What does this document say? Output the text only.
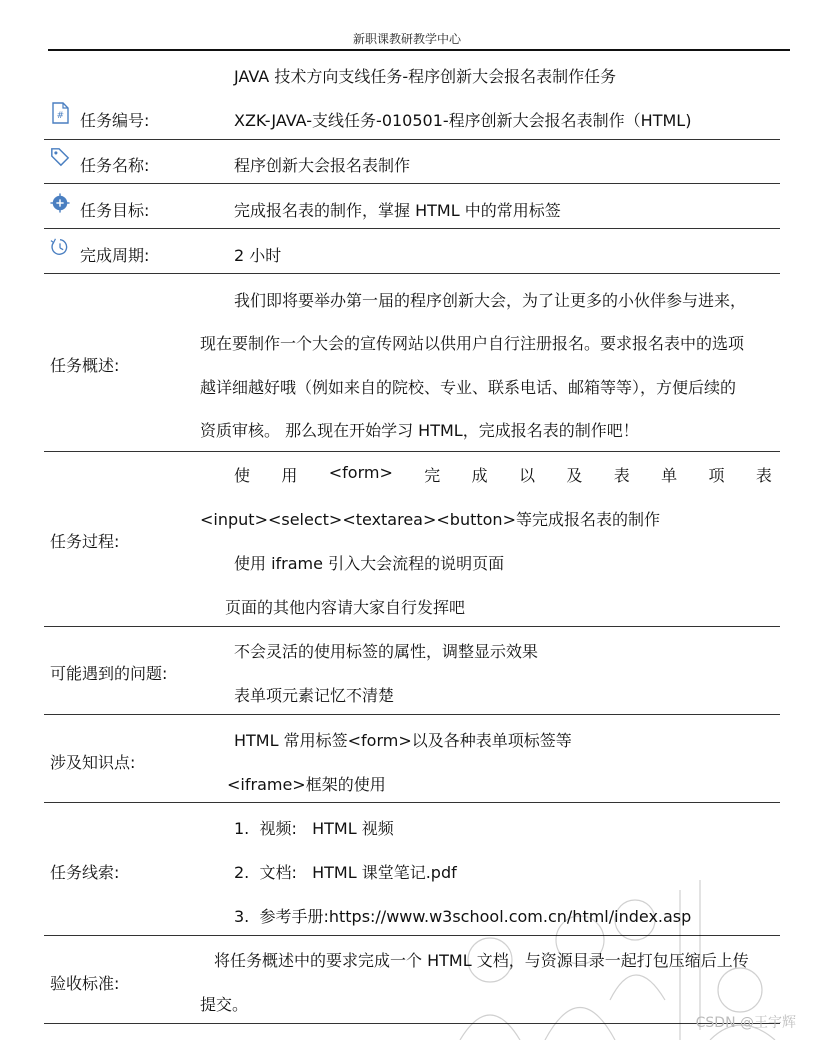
新职课教研教学中心
JAVA 技术方向支线任务-程序创新大会报名表制作任务
# 任务编号:	XZK-JAVA-支线任务-010501-程序创新大会报名表制作（HTML)
任务名称:	程序创新大会报名表制作
任务目标:	完成报名表的制作，掌握 HTML 中的常用标签
完成周期:	2 小时
任务概述:
我们即将要举办第一届的程序创新大会，为了让更多的小伙伴参与进来，
现在要制作一个大会的宣传网站以供用户自行注册报名。要求报名表中的选项
越详细越好哦（例如来自的院校、专业、联系电话、邮箱等等），方便后续的
资质审核。 那么现在开始学习 HTML，完成报名表的制作吧！
任务过程:
使 用 <form> 完 成 以 及 表 单 项 表
<input><select><textarea><button>等完成报名表的制作
使用 iframe 引入大会流程的说明页面
页面的其他内容请大家自行发挥吧
可能遇到的问题:
不会灵活的使用标签的属性，调整显示效果
表单项元素记忆不清楚
涉及知识点:
HTML 常用标签<form>以及各种表单项标签等
<iframe>框架的使用
任务线索:
1. 视频: HTML 视频
2. 文档: HTML 课堂笔记.pdf
3. 参考手册:https://www.w3school.com.cn/html/index.asp
验收标准:
将任务概述中的要求完成一个 HTML 文档，与资源目录一起打包压缩后上传
提交。
CSDN @王宇辉
